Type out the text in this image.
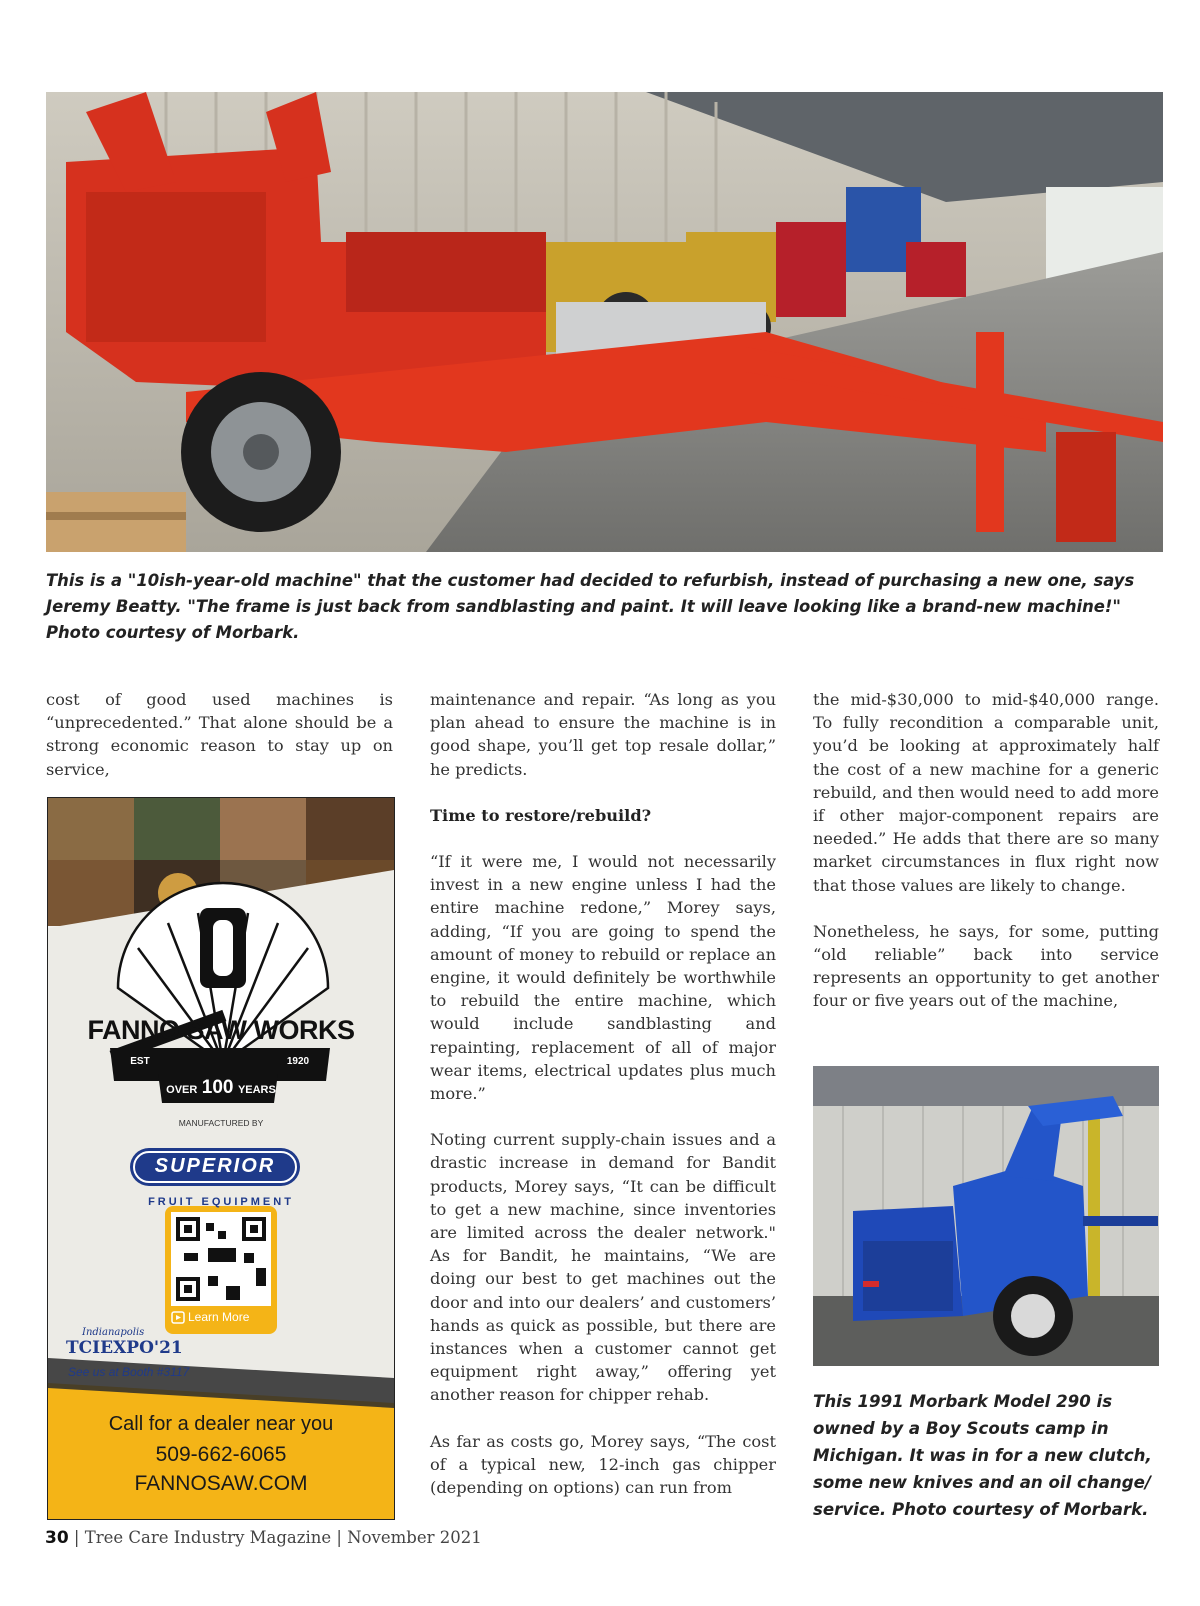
This is a "10ish-year-old machine" that the customer had decided to refurbish, instead of purchasing a new one, says

Jeremy Beatty. "The frame is just back from sandblasting and paint. It will leave looking like a brand-new machine!"

Photo courtesy of Morbark.

cost of good used machines is “unprecedented.” That alone should be a strong economic reason to stay up on service,

FANNO SAW WORKS
EST	1920
OVER 100 YEARS
MANUFACTURED BY
SUPERIOR
FRUIT EQUIPMENT
Learn More
Indianapolis
TCIEXPO'21
See us at Booth #3117
Call for a dealer near you
509-662-6065
FANNOSAW.COM

maintenance and repair. “As long as you plan ahead to ensure the machine is in good shape, you’ll get top resale dollar,” he predicts.

Time to restore/rebuild?

“If it were me, I would not necessarily invest in a new engine unless I had the entire machine redone,” Morey says, adding, “If you are going to spend the amount of money to rebuild or replace an engine, it would definitely be worthwhile to rebuild the entire machine, which would include sandblasting and repainting, replacement of all of major wear items, electrical updates plus much more.”

Noting current supply-chain issues and a drastic increase in demand for Bandit products, Morey says, “It can be difficult to get a new machine, since inventories are limited across the dealer network." As for Bandit, he maintains, “We are doing our best to get machines out the door and into our dealers’ and customers’ hands as quick as possible, but there are instances when a customer cannot get equipment right away,” offering yet another reason for chipper rehab.

As far as costs go, Morey says, “The cost of a typical new, 12-inch gas chipper (depending on options) can run from

the mid-$30,000 to mid-$40,000 range. To fully recondition a comparable unit, you’d be looking at approximately half the cost of a new machine for a generic rebuild, and then would need to add more if other major-component repairs are needed.” He adds that there are so many market circumstances in flux right now that those values are likely to change.

Nonetheless, he says, for some, putting “old reliable” back into service represents an opportunity to get another four or five years out of the machine,

This 1991 Morbark Model 290 is owned by a Boy Scouts camp in Michigan. It was in for a new clutch, some new knives and an oil change/ service. Photo courtesy of Morbark.

30 | Tree Care Industry Magazine | November 2021
